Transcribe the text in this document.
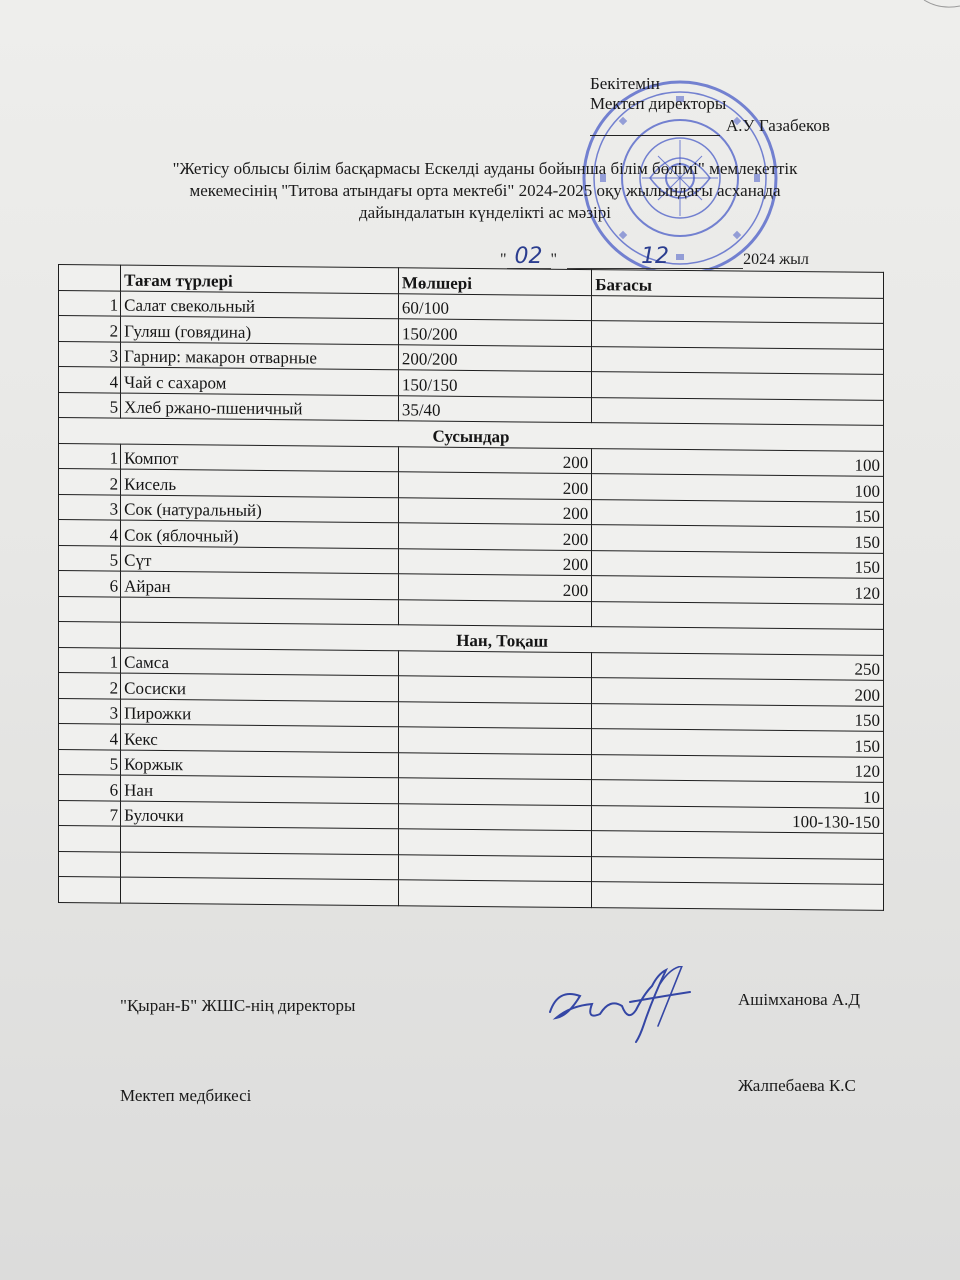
Бекітемін
Мектеп директоры
А.У Газабеков
"Жетісу облысы білім басқармасы Ескелді ауданы бойынша білім бөлімі" мемлекеттік
мекемесінің "Титова атындағы орта мектебі" 2024-2025 оқу жылындағы асханада
дайындалатын күнделікті ас мәзірі
" 02 "	12	2024 жыл
	Тағам түрлері	Мөлшері	Бағасы
1	Салат свекольный	60/100	
2	Гуляш (говядина)	150/200	
3	Гарнир: макарон отварные	200/200	
4	Чай с сахаром	150/150	
5	Хлеб ржано-пшеничный	35/40	
Сусындар			
1	Компот	200	100
2	Кисель	200	100
3	Сок (натуральный)	200	150
4	Сок (яблочный)	200	150
5	Сүт	200	150
6	Айран	200	120

	Нан, Тоқаш		
1	Самса		250
2	Сосиски		200
3	Пирожки		150
4	Кекс		150
5	Коржык		120
6	Нан		10
7	Булочки		100-130-150

"Қыран-Б" ЖШС-нің директоры	Ашімханова А.Д
Мектеп медбикесі
Жалпебаева К.С
